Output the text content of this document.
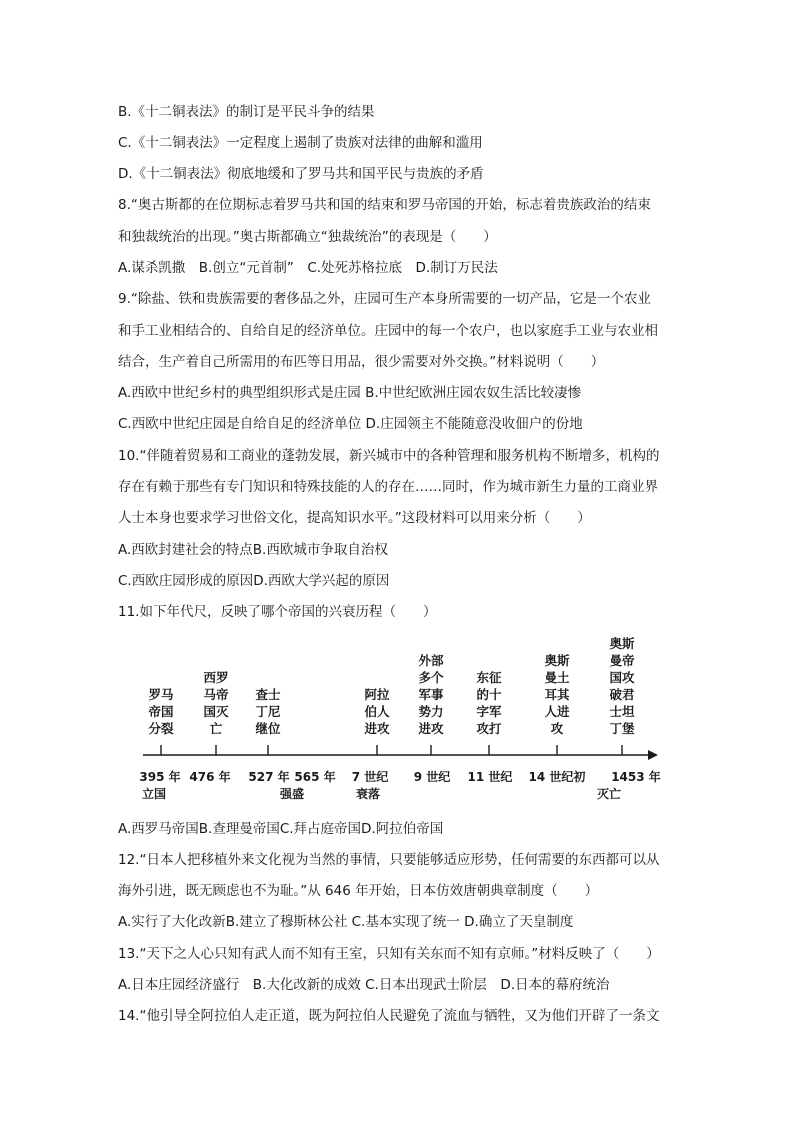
B.《十二铜表法》的制订是平民斗争的结果
C.《十二铜表法》一定程度上遏制了贵族对法律的曲解和滥用
D.《十二铜表法》彻底地缓和了罗马共和国平民与贵族的矛盾
8.“奥古斯都的在位期标志着罗马共和国的结束和罗马帝国的开始，标志着贵族政治的结束
和独裁统治的出现。”奥古斯都确立“独裁统治”的表现是（　　）
A.谋杀凯撒　B.创立“元首制”　C.处死苏格拉底　D.制订万民法
9.“除盐、铁和贵族需要的奢侈品之外，庄园可生产本身所需要的一切产品，它是一个农业
和手工业相结合的、自给自足的经济单位。庄园中的每一个农户，也以家庭手工业与农业相
结合，生产着自己所需用的布匹等日用品，很少需要对外交换。”材料说明（　　）
A.西欧中世纪乡村的典型组织形式是庄园 B.中世纪欧洲庄园农奴生活比较凄惨
C.西欧中世纪庄园是自给自足的经济单位 D.庄园领主不能随意没收佃户的份地
10.“伴随着贸易和工商业的蓬勃发展，新兴城市中的各种管理和服务机构不断增多，机构的
存在有赖于那些有专门知识和特殊技能的人的存在……同时，作为城市新生力量的工商业界
人士本身也要求学习世俗文化，提高知识水平。”这段材料可以用来分析（　　）
A.西欧封建社会的特点B.西欧城市争取自治权
C.西欧庄园形成的原因D.西欧大学兴起的原因
11.如下年代尺，反映了哪个帝国的兴衰历程（　　）
罗马
帝国
分裂
西罗
马帝
国灭
亡
查士
丁尼
继位
阿拉
伯人
进攻
外部
多个
军事
势力
进攻
东征
的十
字军
攻打
奥斯
曼土
耳其
人进
攻
奥斯
曼帝
国攻
破君
士坦
丁堡
395 年 476 年 527 年 565 年 7 世纪 9 世纪 11 世纪 14 世纪初 1453 年
立国	强盛	衰落	灭亡
A.西罗马帝国B.查理曼帝国C.拜占庭帝国D.阿拉伯帝国
12.“日本人把移植外来文化视为当然的事情，只要能够适应形势，任何需要的东西都可以从
海外引进，既无顾虑也不为耻。”从 646 年开始，日本仿效唐朝典章制度（　　）
A.实行了大化改新B.建立了穆斯林公社 C.基本实现了统一 D.确立了天皇制度
13.“天下之人心只知有武人而不知有王室，只知有关东而不知有京师。”材料反映了（　　）
A.日本庄园经济盛行　B.大化改新的成效 C.日本出现武士阶层　D.日本的幕府统治
14.“他引导全阿拉伯人走正道，既为阿拉伯人民避免了流血与牺牲，又为他们开辟了一条文
